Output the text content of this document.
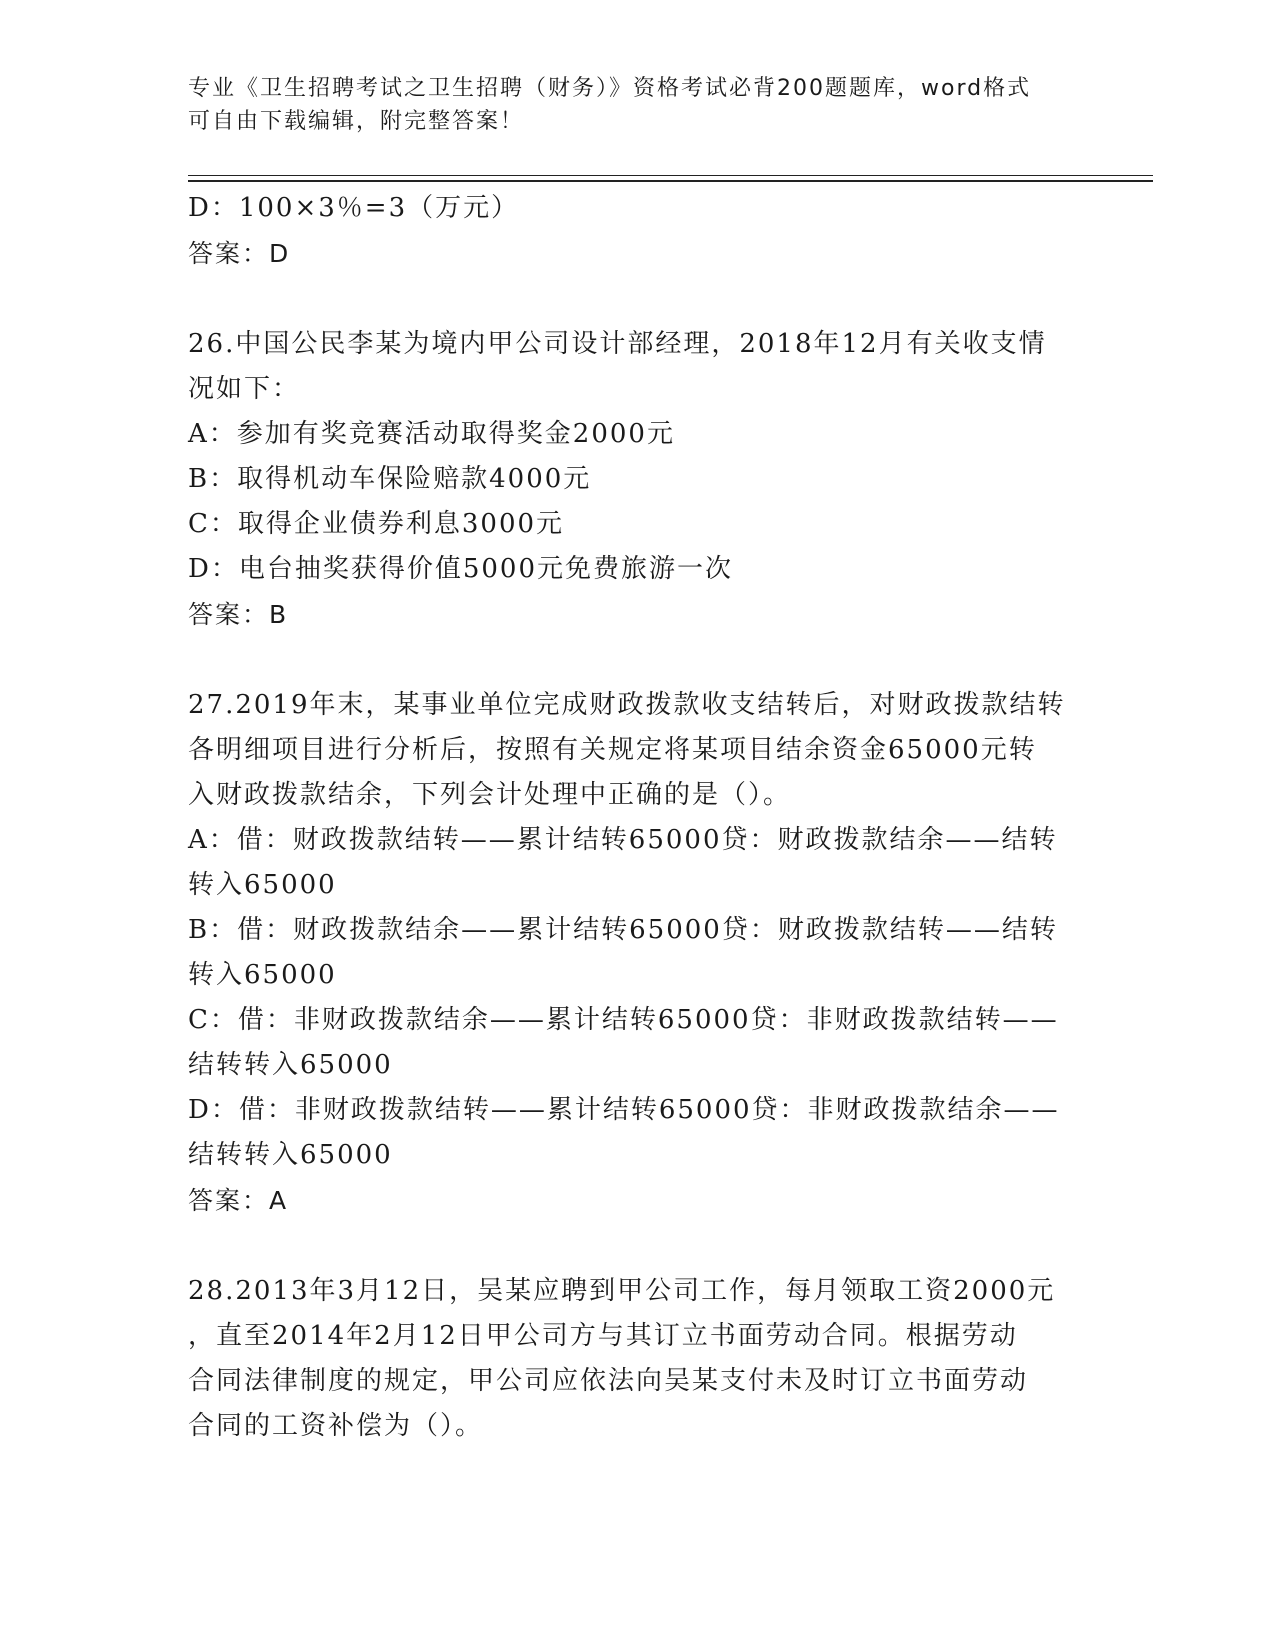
专业《卫生招聘考试之卫生招聘（财务）》资格考试必背200题题库，word格式
可自由下载编辑，附完整答案！
D：100×3％=3（万元）
答案：D
26.中国公民李某为境内甲公司设计部经理，2018年12月有关收支情
况如下：
A：参加有奖竞赛活动取得奖金2000元
B：取得机动车保险赔款4000元
C：取得企业债券利息3000元
D：电台抽奖获得价值5000元免费旅游一次
答案：B
27.2019年末，某事业单位完成财政拨款收支结转后，对财政拨款结转
各明细项目进行分析后，按照有关规定将某项目结余资金65000元转
入财政拨款结余，下列会计处理中正确的是（）。
A：借：财政拨款结转——累计结转65000贷：财政拨款结余——结转
转入65000
B：借：财政拨款结余——累计结转65000贷：财政拨款结转——结转
转入65000
C：借：非财政拨款结余——累计结转65000贷：非财政拨款结转——
结转转入65000
D：借：非财政拨款结转——累计结转65000贷：非财政拨款结余——
结转转入65000
答案：A
28.2013年3月12日，吴某应聘到甲公司工作，每月领取工资2000元
，直至2014年2月12日甲公司方与其订立书面劳动合同。根据劳动
合同法律制度的规定，甲公司应依法向吴某支付未及时订立书面劳动
合同的工资补偿为（）。
